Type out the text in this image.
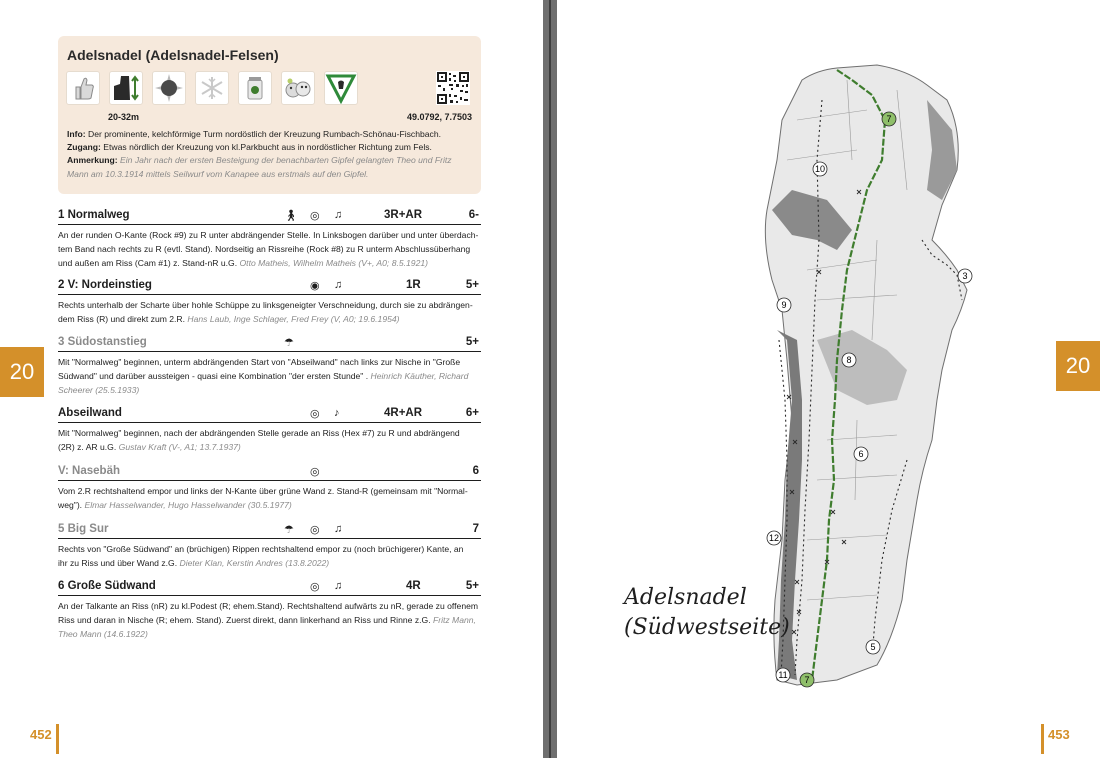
20
Adelsnadel (Adelsnadel-Felsen)
20-32m	49.0792, 7.7503
Info: Der prominente, kelchförmige Turm nordöstlich der Kreuzung Rumbach-Schönau-Fischbach.
Zugang: Etwas nördlich der Kreuzung von kl.Parkbucht aus in nordöstlicher Richtung zum Fels.
Anmerkung: Ein Jahr nach der ersten Besteigung der benachbarten Gipfel gelangten Theo und Fritz
Mann am 10.3.1914 mittels Seilwurf vom Kanapee aus erstmals auf den Gipfel.
1 Normalweg	🚶︎ ◎ ♫	3R+AR	6-
An der runden O-Kante (Rock #9) zu R unter abdrängender Stelle. In Linksbogen darüber und unter überdach-
tem Band nach rechts zu R (evtl. Stand). Nordseitig an Rissreihe (Rock #8) zu R unterm Abschlussüberhang
und außen am Riss (Cam #1) z. Stand-nR u.G. Otto Matheis, Wilhelm Matheis (V+, A0; 8.5.1921)
2 V: Nordeinstieg	◉ ♫	1R	5+
Rechts unterhalb der Scharte über hohle Schüppe zu linksgeneigter Verschneidung, durch sie zu abdrängen-
dem Riss (R) und direkt zum 2.R. Hans Laub, Inge Schlager, Fred Frey (V, A0; 19.6.1954)
3 Südostanstieg	☂	5+
Mit "Normalweg" beginnen, unterm abdrängenden Start von "Abseilwand" nach links zur Nische in "Große
Südwand" und darüber aussteigen - quasi eine Kombination "der ersten Stunde" . Heinrich Käuther, Richard Scheerer (25.5.1933)
Abseilwand	◎ ♪	4R+AR	6+
Mit "Normalweg" beginnen, nach der abdrängenden Stelle gerade an Riss (Hex #7) zu R und abdrängend
(2R) z. AR u.G. Gustav Kraft (V-, A1; 13.7.1937)
V: Nasebäh	◎	6
Vom 2.R rechtshaltend empor und links der N-Kante über grüne Wand z. Stand-R (gemeinsam mit "Normal-
weg"). Elmar Hasselwander, Hugo Hasselwander (30.5.1977)
5 Big Sur	☂ ◎ ♫	7
Rechts von "Große Südwand" an (brüchigen) Rippen rechtshaltend empor zu (noch brüchigerer) Kante, an
ihr zu Riss und über Wand z.G. Dieter Klan, Kerstin Andres (13.8.2022)
6 Große Südwand	◎ ♫	4R	5+
An der Talkante an Riss (nR) zu kl.Podest (R; ehem.Stand). Rechtshaltend aufwärts zu nR, gerade zu offenem
Riss und daran in Nische (R; ehem. Stand). Zuerst direkt, dann linkerhand an Riss und Rinne z.G. Fritz Mann, Theo Mann (14.6.1922)
452
20
453
7
10
3
9
8
6
12
5
11 7
Adelsnadel
(Südwestseite)
